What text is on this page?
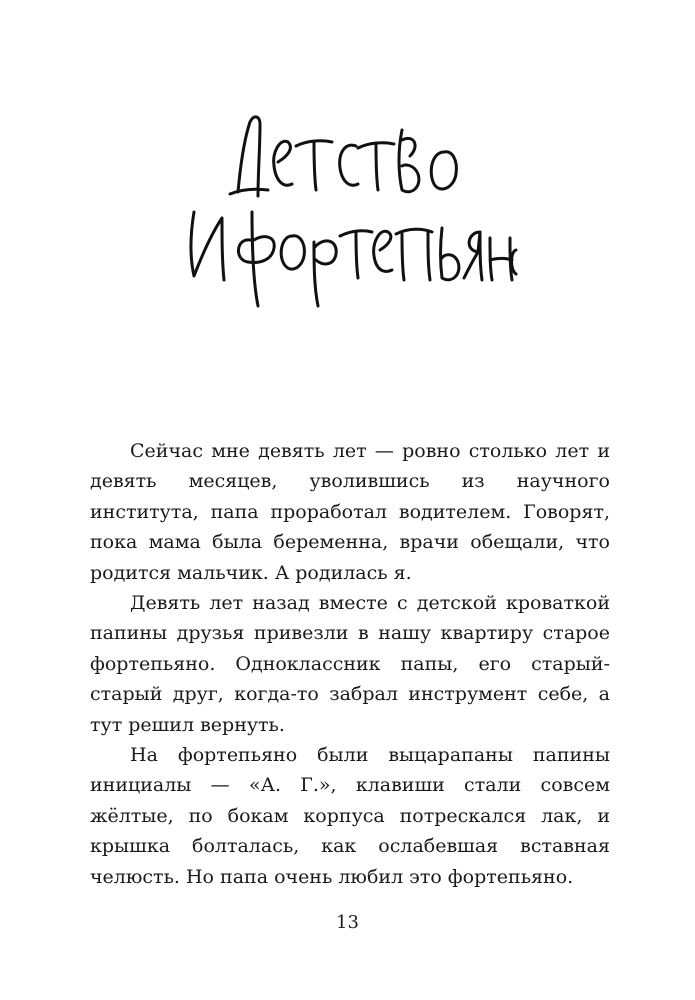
Сейчас мне девять лет — ровно столько лет и девять месяцев, уволившись из научного института, папа проработал водителем. Говорят, пока мама была беременна, врачи обещали, что родится мальчик. А родилась я.

Девять лет назад вместе с детской кроваткой папины друзья привезли в нашу квартиру старое фортепьяно. Одноклассник папы, его старый-старый друг, когда-то забрал инструмент себе, а тут решил вернуть.

На фортепьяно были выцарапаны папины инициалы — «А. Г.», клавиши стали совсем жёлтые, по бокам корпуса потрескался лак, и крышка болталась, как ослабевшая вставная челюсть. Но папа очень любил это фортепьяно.

13
